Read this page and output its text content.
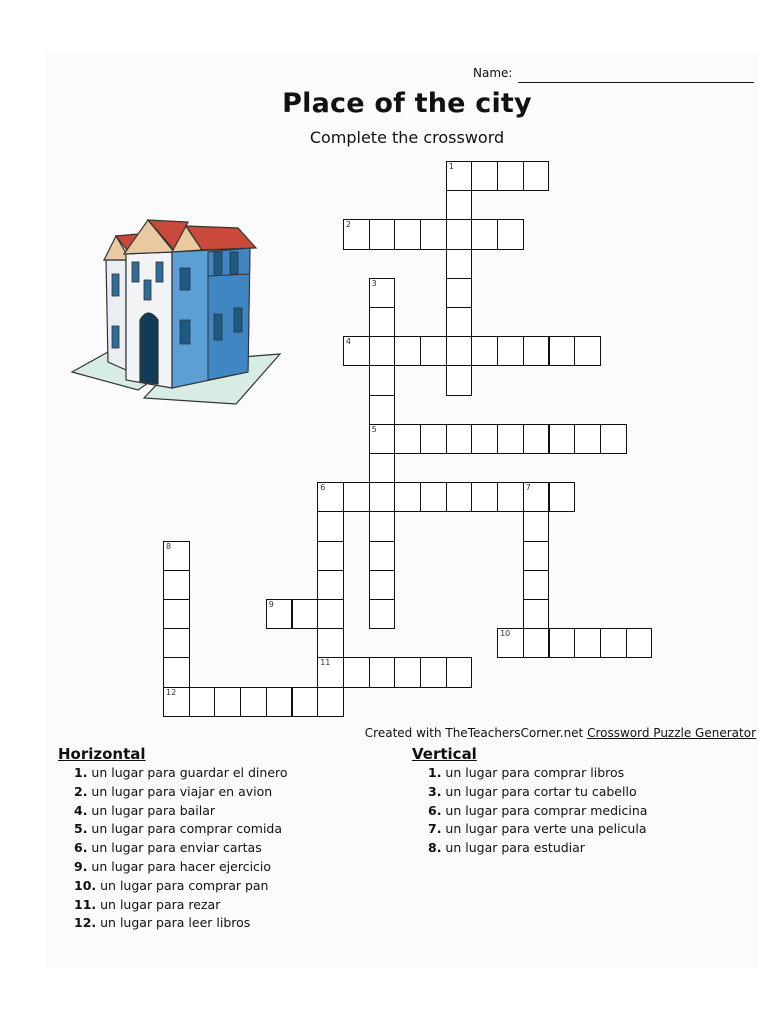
Name:
Place of the city
Complete the crossword
1
2
3
5
4
6	7
11
8
12
9
10
Created with TheTeachersCorner.net Crossword Puzzle Generator
Horizontal
1. un lugar para guardar el dinero
2. un lugar para viajar en avion
4. un lugar para bailar
5. un lugar para comprar comida
6. un lugar para enviar cartas
9. un lugar para hacer ejercicio
10. un lugar para comprar pan
11. un lugar para rezar
12. un lugar para leer libros
Vertical
1. un lugar para comprar libros
3. un lugar para cortar tu cabello
6. un lugar para comprar medicina
7. un lugar para verte una pelicula
8. un lugar para estudiar
